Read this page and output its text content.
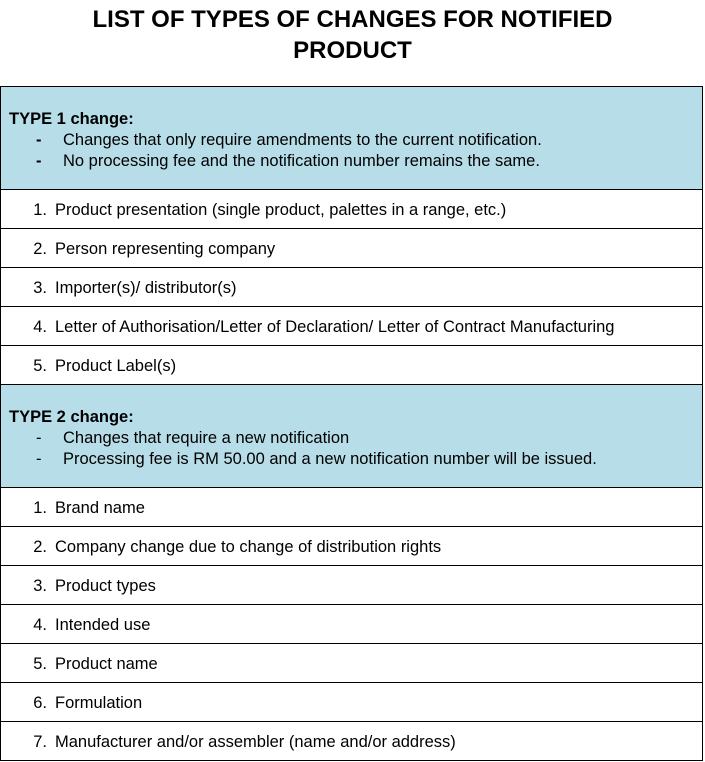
LIST OF TYPES OF CHANGES FOR NOTIFIED
PRODUCT
TYPE 1 change:
-	Changes that only require amendments to the current notification.
-	No processing fee and the notification number remains the same.

1. Product presentation (single product, palettes in a range, etc.)

2. Person representing company

3. Importer(s)/ distributor(s)

4. Letter of Authorisation/Letter of Declaration/ Letter of Contract Manufacturing

5. Product Label(s)

TYPE 2 change:
-	Changes that require a new notification
-	Processing fee is RM 50.00 and a new notification number will be issued.

1. Brand name

2. Company change due to change of distribution rights

3. Product types

4. Intended use

5. Product name

6. Formulation

7. Manufacturer and/or assembler (name and/or address)
